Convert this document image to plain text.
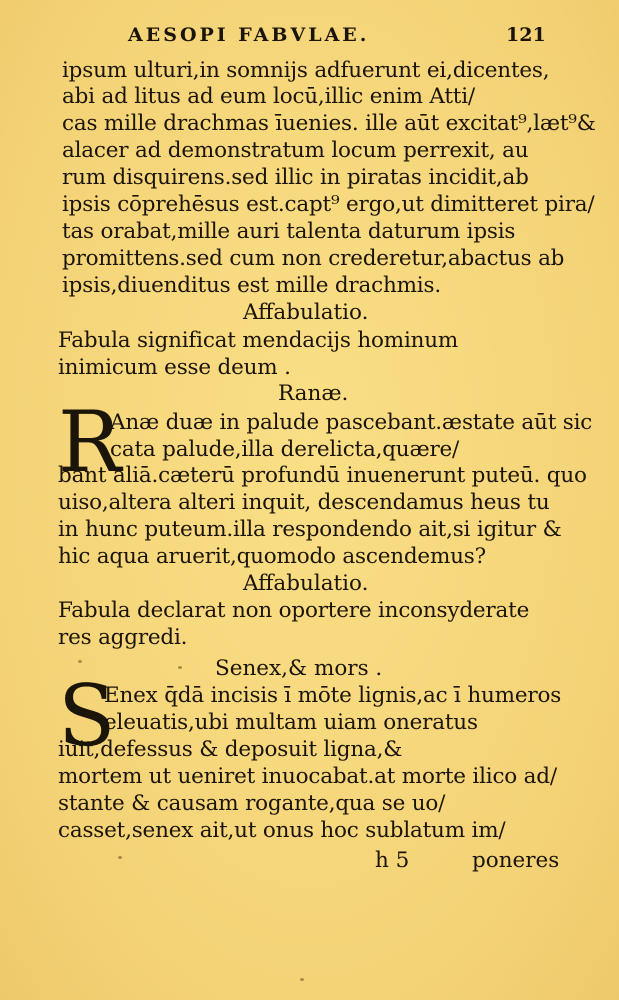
AESOPI FABVLAE.	121
ipsum ulturi,in somnijs adfuerunt ei,dicentes,
abi ad litus ad eum locū,illic enim Atti/
cas mille drachmas īuenies. ille aūt excitat⁹,læt⁹&
alacer ad demonstratum locum perrexit, au
rum disquirens.sed illic in piratas incidit,ab
ipsis cōprehēsus est.capt⁹ ergo,ut dimitteret pira/
tas orabat,mille auri talenta daturum ipsis
promittens.sed cum non crederetur,abactus ab
ipsis,diuenditus est mille drachmis.
Affabulatio.
Fabula significat mendacijs hominum
inimicum esse deum .
Ranæ.
R
Anæ duæ in palude pascebant.æstate aūt sic
cata palude,illa derelicta,quære/
bant aliā.cæterū profundū inuenerunt puteū. quo
uiso,altera alteri inquit, descendamus heus tu
in hunc puteum.illa respondendo ait,si igitur &
hic aqua aruerit,quomodo ascendemus?
Affabulatio.
Fabula declarat non oportere inconsyderate
res aggredi.
Senex,& mors .
S
Enex q̄dā incisis ī mōte lignis,ac ī humeros
eleuatis,ubi multam uiam oneratus
iuit,defessus & deposuit ligna,&
mortem ut ueniret inuocabat.at morte ilico ad/
stante & causam rogante,qua se uo/
casset,senex ait,ut onus hoc sublatum im/
h 5	poneres
